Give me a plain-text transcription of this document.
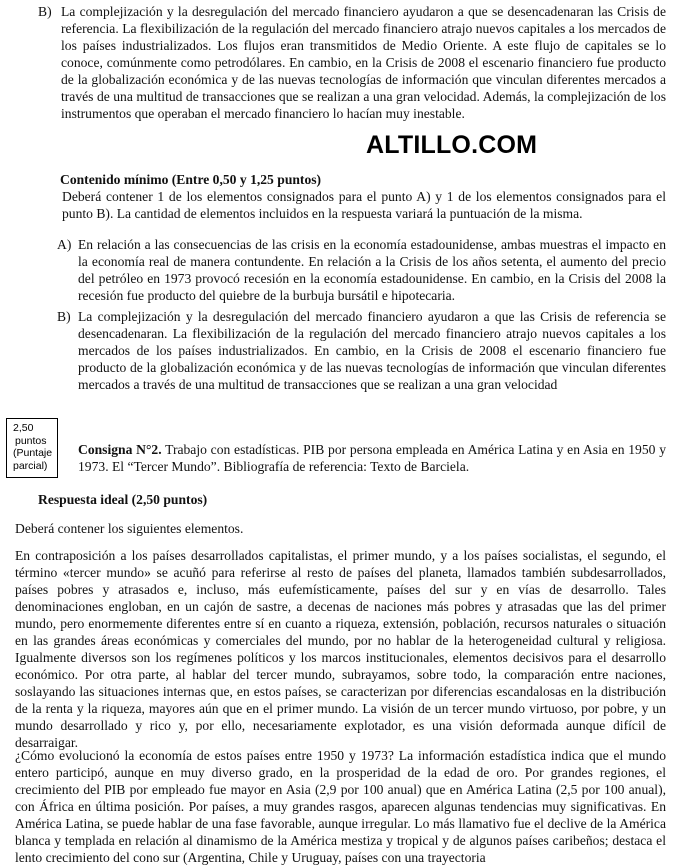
B) La complejización y la desregulación del mercado financiero ayudaron a que se desencadenaran las Crisis de referencia. La flexibilización de la regulación del mercado financiero atrajo nuevos capitales a los mercados de los países industrializados. Los flujos eran transmitidos de Medio Oriente. A este flujo de capitales se lo conoce, comúnmente como petrodólares. En cambio, en la Crisis de 2008 el escenario financiero fue producto de la globalización económica y de las nuevas tecnologías de información que vinculan diferentes mercados a través de una multitud de transacciones que se realizan a una gran velocidad. Además, la complejización de los instrumentos que operaban el mercado financiero lo hacían muy inestable.

ALTILLO.COM
Contenido mínimo (Entre 0,50 y 1,25 puntos)

Deberá contener 1 de los elementos consignados para el punto A) y 1 de los elementos consignados para el punto B). La cantidad de elementos incluidos en la respuesta variará la puntuación de la misma.

A) En relación a las consecuencias de las crisis en la economía estadounidense, ambas muestras el impacto en la economía real de manera contundente. En relación a la Crisis de los años setenta, el aumento del precio del petróleo en 1973 provocó recesión en la economía estadounidense. En cambio, en la Crisis del 2008 la recesión fue producto del quiebre de la burbuja bursátil e hipotecaria.

B) La complejización y la desregulación del mercado financiero ayudaron a que las Crisis de referencia se desencadenaran. La flexibilización de la regulación del mercado financiero atrajo nuevos capitales a los mercados de los países industrializados. En cambio, en la Crisis de 2008 el escenario financiero fue producto de la globalización económica y de las nuevas tecnologías de información que vinculan diferentes mercados a través de una multitud de transacciones que se realizan a una gran velocidad

2,50
puntos
(Puntaje
parcial)

Consigna N°2. Trabajo con estadísticas. PIB por persona empleada en América Latina y en Asia en 1950 y 1973. El “Tercer Mundo”. Bibliografía de referencia: Texto de Barciela.

Respuesta ideal (2,50 puntos)
Deberá contener los siguientes elementos.

En contraposición a los países desarrollados capitalistas, el primer mundo, y a los países socialistas, el segundo, el término «tercer mundo» se acuñó para referirse al resto de países del planeta, llamados también subdesarrollados, países pobres y atrasados e, incluso, más eufemísticamente, países del sur y en vías de desarrollo. Tales denominaciones engloban, en un cajón de sastre, a decenas de naciones más pobres y atrasadas que las del primer mundo, pero enormemente diferentes entre sí en cuanto a riqueza, extensión, población, recursos naturales o situación en las grandes áreas económicas y comerciales del mundo, por no hablar de la heterogeneidad cultural y religiosa. Igualmente diversos son los regímenes políticos y los marcos institucionales, elementos decisivos para el desarrollo económico. Por otra parte, al hablar del tercer mundo, subrayamos, sobre todo, la comparación entre naciones, soslayando las situaciones internas que, en estos países, se caracterizan por diferencias escandalosas en la distribución de la renta y la riqueza, mayores aún que en el primer mundo. La visión de un tercer mundo virtuoso, por pobre, y un mundo desarrollado y rico y, por ello, necesariamente explotador, es una visión deformada aunque difícil de desarraigar.

¿Cómo evolucionó la economía de estos países entre 1950 y 1973? La información estadística indica que el mundo entero participó, aunque en muy diverso grado, en la prosperidad de la edad de oro. Por grandes regiones, el crecimiento del PIB por empleado fue mayor en Asia (2,9 por 100 anual) que en América Latina (2,5 por 100 anual), con África en última posición. Por países, a muy grandes rasgos, aparecen algunas tendencias muy significativas. En América Latina, se puede hablar de una fase favorable, aunque irregular. Lo más llamativo fue el declive de la América blanca y templada en relación al dinamismo de la América mestiza y tropical y de algunos países caribeños; destaca el lento crecimiento del cono sur (Argentina, Chile y Uruguay, países con una trayectoria
